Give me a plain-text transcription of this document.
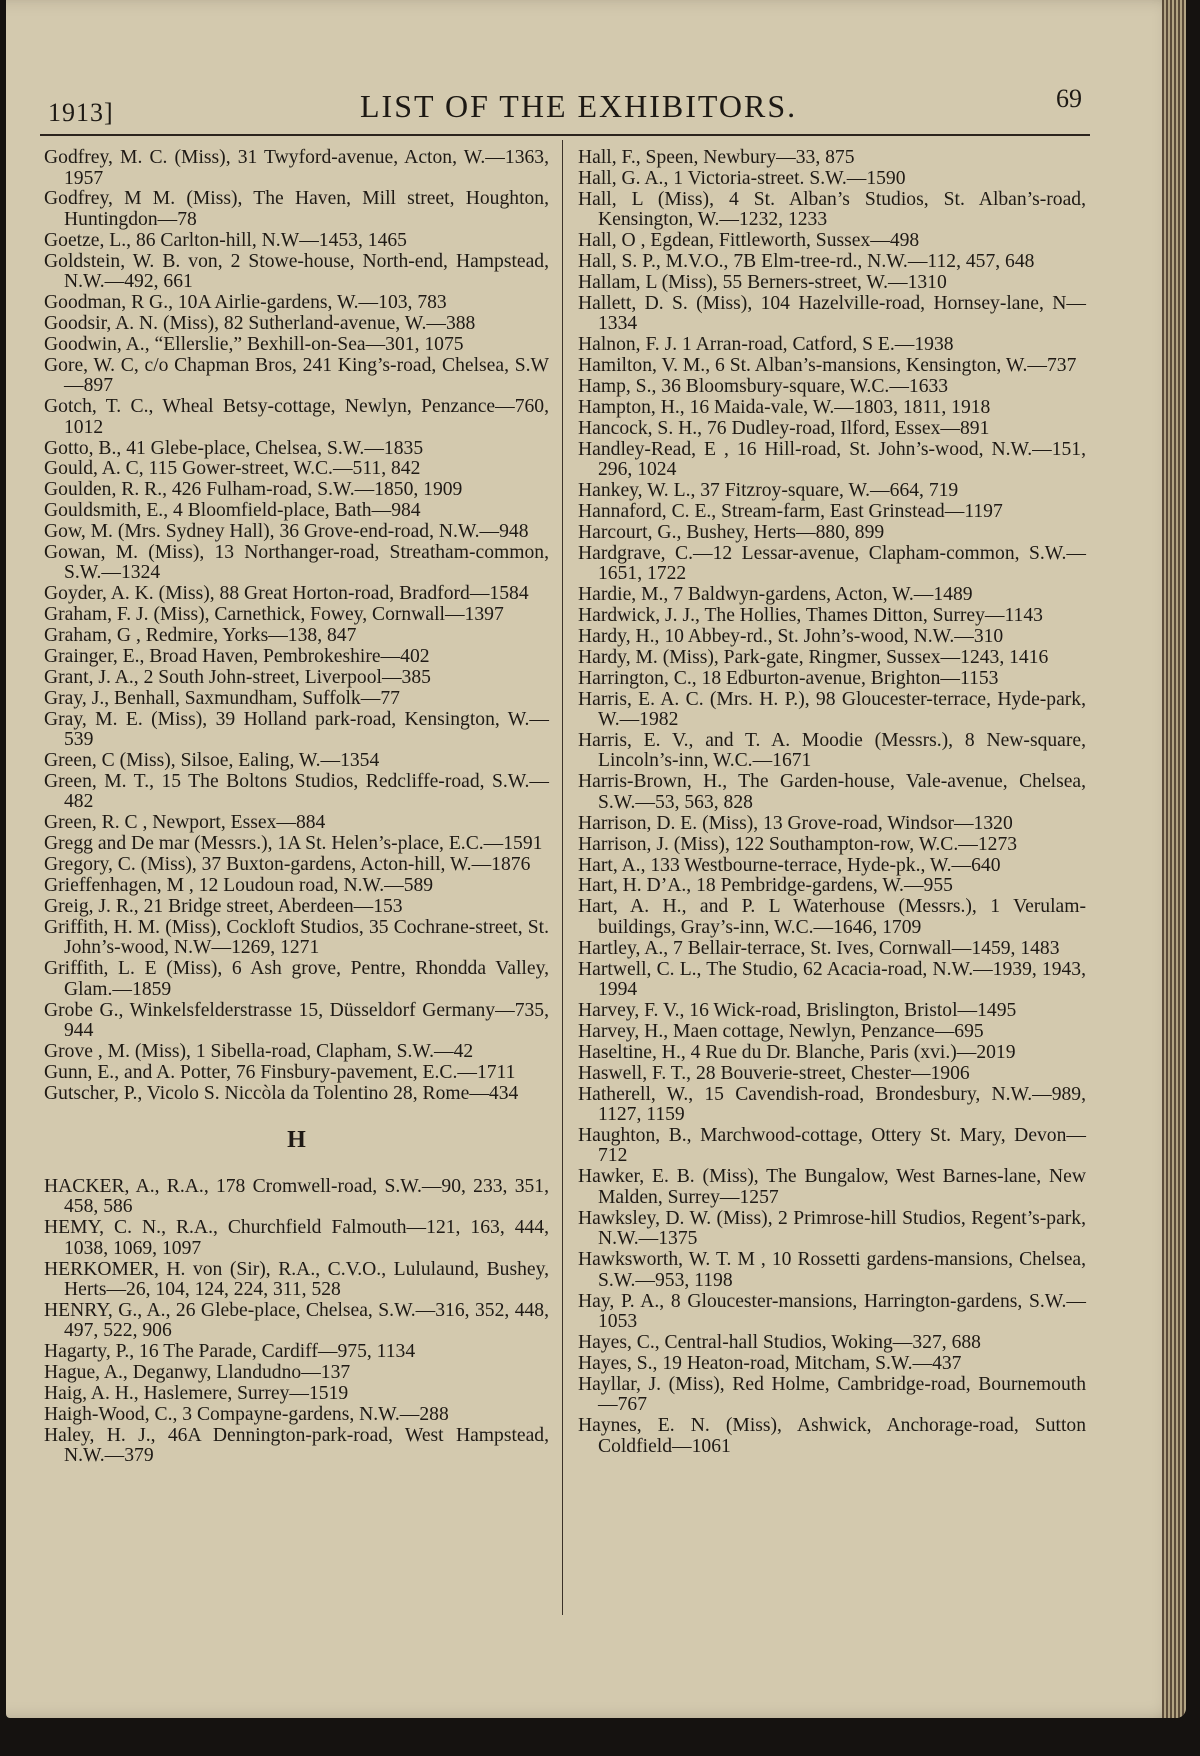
1913]	LIST OF THE EXHIBITORS.	69
Godfrey, M. C. (Miss), 31 Twyford-avenue, Acton, W.—1363, 1957
Godfrey, M M. (Miss), The Haven, Mill street, Houghton, Huntingdon—78
Goetze, L., 86 Carlton-hill, N.W—1453, 1465
Goldstein, W. B. von, 2 Stowe-house, North-end, Hampstead, N.W.—492, 661
Goodman, R G., 10A Airlie-gardens, W.—103, 783
Goodsir, A. N. (Miss), 82 Sutherland-avenue, W.—388
Goodwin, A., “Ellerslie,” Bexhill-on-Sea—301, 1075
Gore, W. C, c/o Chapman Bros, 241 King’s-road, Chelsea, S.W—897
Gotch, T. C., Wheal Betsy-cottage, Newlyn, Penzance—760, 1012
Gotto, B., 41 Glebe-place, Chelsea, S.W.—1835
Gould, A. C, 115 Gower-street, W.C.—511, 842
Goulden, R. R., 426 Fulham-road, S.W.—1850, 1909
Gouldsmith, E., 4 Bloomfield-place, Bath—984
Gow, M. (Mrs. Sydney Hall), 36 Grove-end-road, N.W.—948
Gowan, M. (Miss), 13 Northanger-road, Streatham-common, S.W.—1324
Goyder, A. K. (Miss), 88 Great Horton-road, Bradford—1584
Graham, F. J. (Miss), Carnethick, Fowey, Cornwall—1397
Graham, G , Redmire, Yorks—138, 847
Grainger, E., Broad Haven, Pembrokeshire—402
Grant, J. A., 2 South John-street, Liverpool—385
Gray, J., Benhall, Saxmundham, Suffolk—77
Gray, M. E. (Miss), 39 Holland park-road, Kensington, W.—539
Green, C (Miss), Silsoe, Ealing, W.—1354
Green, M. T., 15 The Boltons Studios, Redcliffe-road, S.W.—482
Green, R. C , Newport, Essex—884
Gregg and De mar (Messrs.), 1A St. Helen’s-place, E.C.—1591
Gregory, C. (Miss), 37 Buxton-gardens, Acton-hill, W.—1876
Grieffenhagen, M , 12 Loudoun road, N.W.—589
Greig, J. R., 21 Bridge street, Aberdeen—153
Griffith, H. M. (Miss), Cockloft Studios, 35 Cochrane-street, St. John’s-wood, N.W—1269, 1271
Griffith, L. E (Miss), 6 Ash grove, Pentre, Rhondda Valley, Glam.—1859
Grobe G., Winkelsfelderstrasse 15, Düsseldorf Germany—735, 944
Grove , M. (Miss), 1 Sibella-road, Clapham, S.W.—42
Gunn, E., and A. Potter, 76 Finsbury-pavement, E.C.—1711
Gutscher, P., Vicolo S. Niccòla da Tolentino 28, Rome—434
H
HACKER, A., R.A., 178 Cromwell-road, S.W.—90, 233, 351, 458, 586
HEMY, C. N., R.A., Churchfield Falmouth—121, 163, 444, 1038, 1069, 1097
HERKOMER, H. von (Sir), R.A., C.V.O., Lululaund, Bushey, Herts—26, 104, 124, 224, 311, 528
HENRY, G., A., 26 Glebe-place, Chelsea, S.W.—316, 352, 448, 497, 522, 906
Hagarty, P., 16 The Parade, Cardiff—975, 1134
Hague, A., Deganwy, Llandudno—137
Haig, A. H., Haslemere, Surrey—1519
Haigh-Wood, C., 3 Compayne-gardens, N.W.—288
Haley, H. J., 46A Dennington-park-road, West Hampstead, N.W.—379
Hall, F., Speen, Newbury—33, 875
Hall, G. A., 1 Victoria-street. S.W.—1590
Hall, L (Miss), 4 St. Alban’s Studios, St. Alban’s-road, Kensington, W.—1232, 1233
Hall, O , Egdean, Fittleworth, Sussex—498
Hall, S. P., M.V.O., 7B Elm-tree-rd., N.W.—112, 457, 648
Hallam, L (Miss), 55 Berners-street, W.—1310
Hallett, D. S. (Miss), 104 Hazelville-road, Hornsey-lane, N—1334
Halnon, F. J. 1 Arran-road, Catford, S E.—1938
Hamilton, V. M., 6 St. Alban’s-mansions, Kensington, W.—737
Hamp, S., 36 Bloomsbury-square, W.C.—1633
Hampton, H., 16 Maida-vale, W.—1803, 1811, 1918
Hancock, S. H., 76 Dudley-road, Ilford, Essex—891
Handley-Read, E , 16 Hill-road, St. John’s-wood, N.W.—151, 296, 1024
Hankey, W. L., 37 Fitzroy-square, W.—664, 719
Hannaford, C. E., Stream-farm, East Grinstead—1197
Harcourt, G., Bushey, Herts—880, 899
Hardgrave, C.—12 Lessar-avenue, Clapham-common, S.W.—1651, 1722
Hardie, M., 7 Baldwyn-gardens, Acton, W.—1489
Hardwick, J. J., The Hollies, Thames Ditton, Surrey—1143
Hardy, H., 10 Abbey-rd., St. John’s-wood, N.W.—310
Hardy, M. (Miss), Park-gate, Ringmer, Sussex—1243, 1416
Harrington, C., 18 Edburton-avenue, Brighton—1153
Harris, E. A. C. (Mrs. H. P.), 98 Gloucester-terrace, Hyde-park, W.—1982
Harris, E. V., and T. A. Moodie (Messrs.), 8 New-square, Lincoln’s-inn, W.C.—1671
Harris-Brown, H., The Garden-house, Vale-avenue, Chelsea, S.W.—53, 563, 828
Harrison, D. E. (Miss), 13 Grove-road, Windsor—1320
Harrison, J. (Miss), 122 Southampton-row, W.C.—1273
Hart, A., 133 Westbourne-terrace, Hyde-pk., W.—640
Hart, H. D’A., 18 Pembridge-gardens, W.—955
Hart, A. H., and P. L Waterhouse (Messrs.), 1 Verulam-buildings, Gray’s-inn, W.C.—1646, 1709
Hartley, A., 7 Bellair-terrace, St. Ives, Cornwall—1459, 1483
Hartwell, C. L., The Studio, 62 Acacia-road, N.W.—1939, 1943, 1994
Harvey, F. V., 16 Wick-road, Brislington, Bristol—1495
Harvey, H., Maen cottage, Newlyn, Penzance—695
Haseltine, H., 4 Rue du Dr. Blanche, Paris (xvi.)—2019
Haswell, F. T., 28 Bouverie-street, Chester—1906
Hatherell, W., 15 Cavendish-road, Brondesbury, N.W.—989, 1127, 1159
Haughton, B., Marchwood-cottage, Ottery St. Mary, Devon—712
Hawker, E. B. (Miss), The Bungalow, West Barnes-lane, New Malden, Surrey—1257
Hawksley, D. W. (Miss), 2 Primrose-hill Studios, Regent’s-park, N.W.—1375
Hawksworth, W. T. M , 10 Rossetti gardens-mansions, Chelsea, S.W.—953, 1198
Hay, P. A., 8 Gloucester-mansions, Harrington-gardens, S.W.—1053
Hayes, C., Central-hall Studios, Woking—327, 688
Hayes, S., 19 Heaton-road, Mitcham, S.W.—437
Hayllar, J. (Miss), Red Holme, Cambridge-road, Bournemouth—767
Haynes, E. N. (Miss), Ashwick, Anchorage-road, Sutton Coldfield—1061
